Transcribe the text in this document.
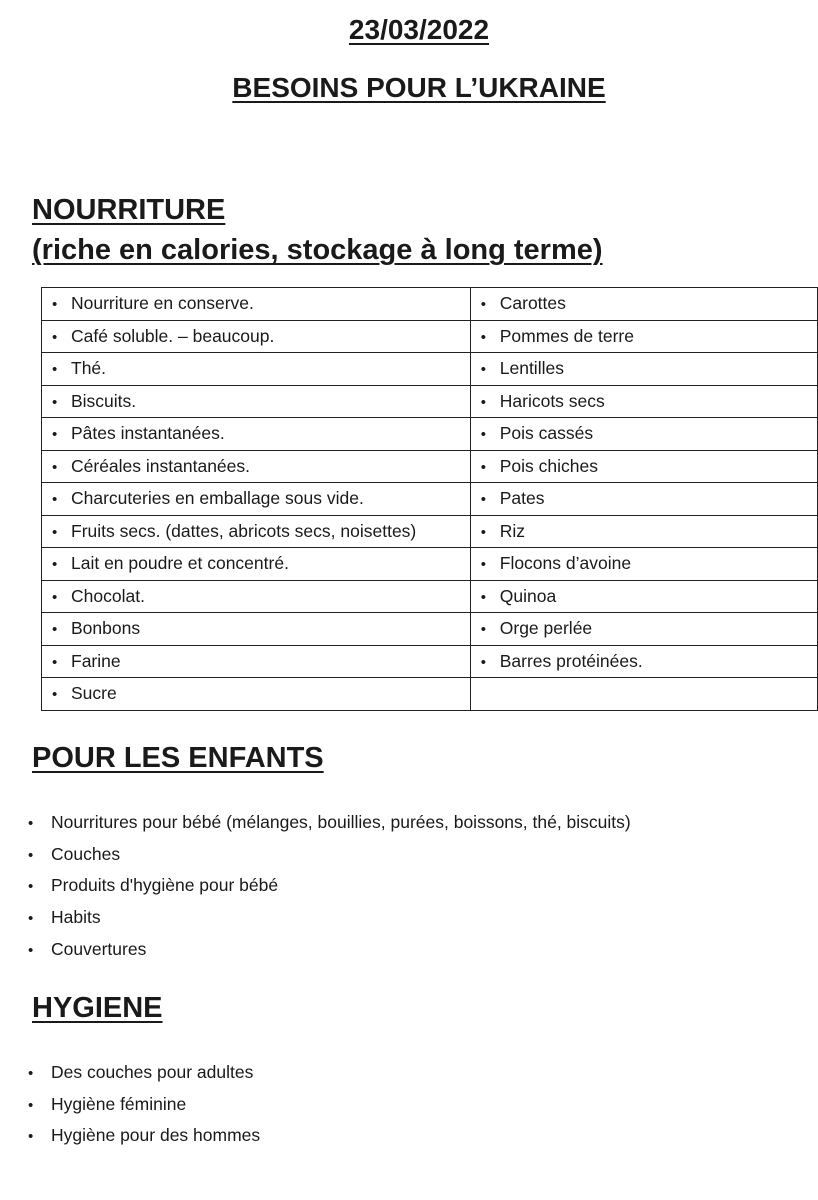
23/03/2022
BESOINS POUR L’UKRAINE
NOURRITURE
(riche en calories, stockage à long terme)
• Nourriture en conserve.	• Carottes
• Café soluble. – beaucoup.	• Pommes de terre
• Thé.	• Lentilles
• Biscuits.	• Haricots secs
• Pâtes instantanées.	• Pois cassés
• Céréales instantanées.	• Pois chiches
• Charcuteries en emballage sous vide.	• Pates
• Fruits secs. (dattes, abricots secs, noisettes)	• Riz
• Lait en poudre et concentré.	• Flocons d’avoine
• Chocolat.	• Quinoa
• Bonbons	• Orge perlée
• Farine	• Barres protéinées.
• Sucre	
POUR LES ENFANTS
• Nourritures pour bébé (mélanges, bouillies, purées, boissons, thé, biscuits)
• Couches
• Produits d'hygiène pour bébé
• Habits
• Couvertures
HYGIENE
• Des couches pour adultes
• Hygiène féminine
• Hygiène pour des hommes
